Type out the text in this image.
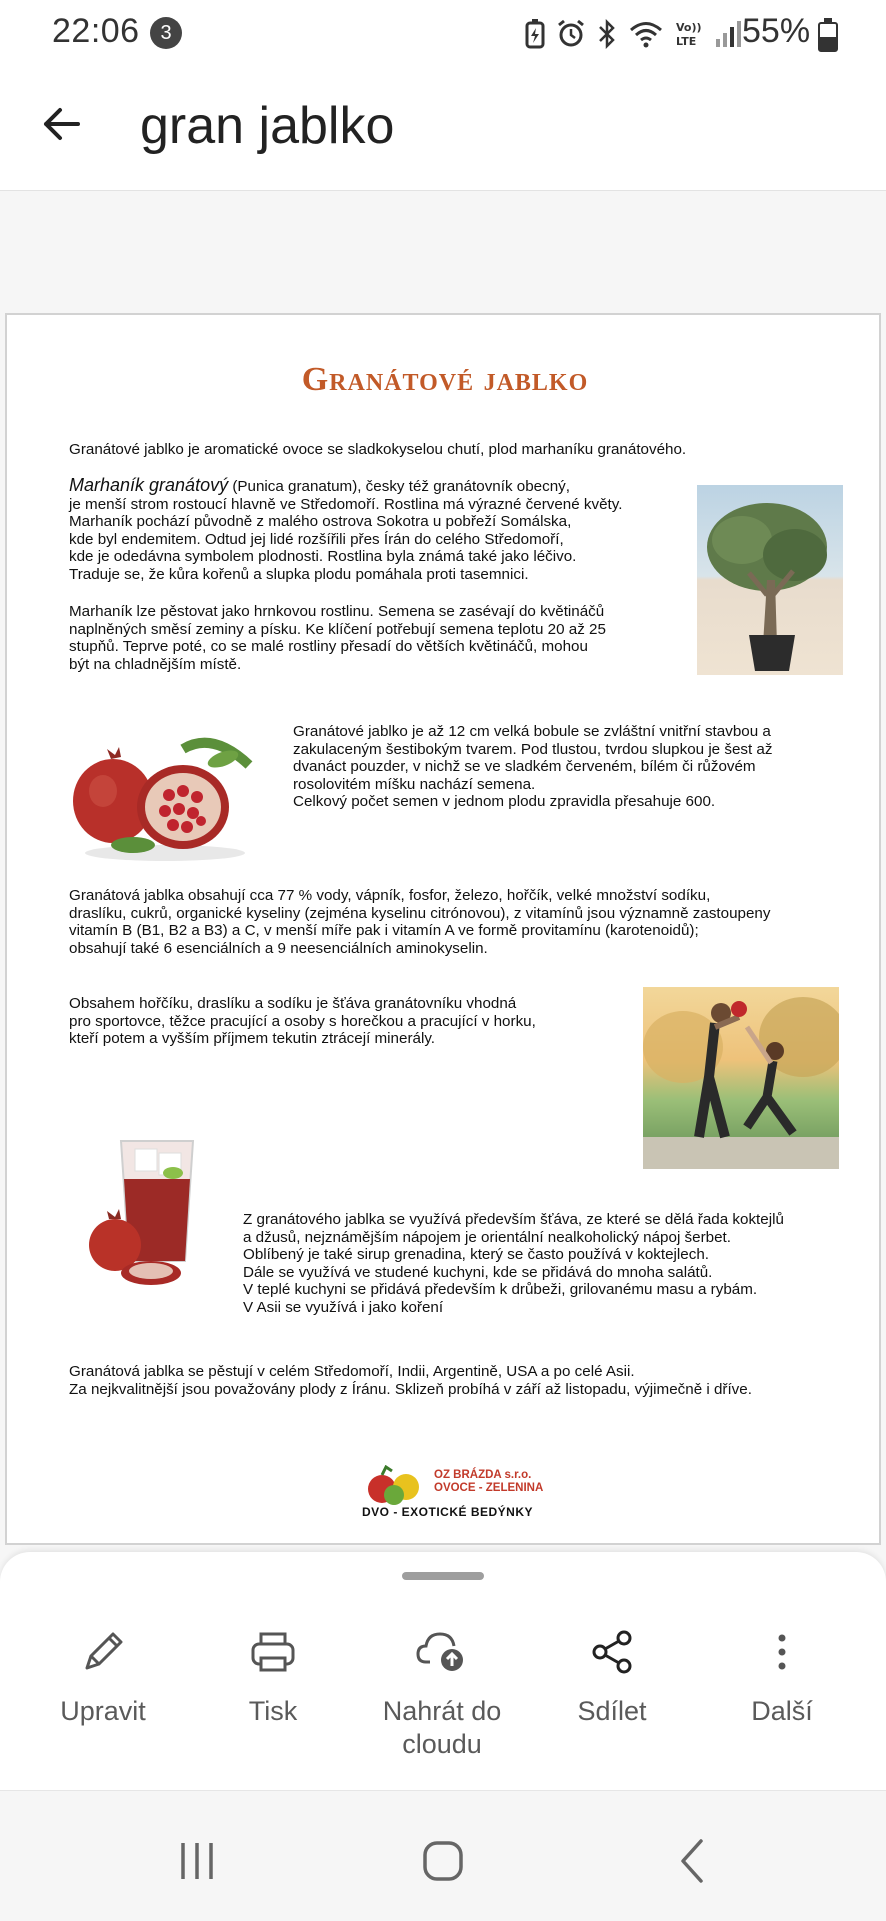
22:06	3	Vo))
LTE 55%
gran jablko
Granátové jablko
Granátové jablko je aromatické ovoce se sladkokyselou chutí, plod marhaníku granátového.
Marhaník granátový (Punica granatum), česky též granátovník obecný,
je menší strom rostoucí hlavně ve Středomoří. Rostlina má výrazné červené květy.
Marhaník pochází původně z malého ostrova Sokotra u pobřeží Somálska,
kde byl endemitem. Odtud jej lidé rozšířili přes Írán do celého Středomoří,
kde je odedávna symbolem plodnosti. Rostlina byla známá také jako léčivo.
Traduje se, že kůra kořenů a slupka plodu pomáhala proti tasemnici.
Marhaník lze pěstovat jako hrnkovou rostlinu. Semena se zasévají do květináčů
naplněných směsí zeminy a písku. Ke klíčení potřebují semena teplotu 20 až 25
stupňů. Teprve poté, co se malé rostliny přesadí do větších květináčů, mohou
být na chladnějším místě.
Granátové jablko je až 12 cm velká bobule se zvláštní vnitřní stavbou a
zakulaceným šestibokým tvarem. Pod tlustou, tvrdou slupkou je šest až
dvanáct pouzder, v nichž se ve sladkém červeném, bílém či růžovém
rosolovitém míšku nachází semena.
Celkový počet semen v jednom plodu zpravidla přesahuje 600.
Granátová jablka obsahují cca 77 % vody, vápník, fosfor, železo, hořčík, velké množství sodíku,
draslíku, cukrů, organické kyseliny (zejména kyselinu citrónovou), z vitamínů jsou významně zastoupeny
vitamín B (B1, B2 a B3) a C, v menší míře pak i vitamín A ve formě provitamínu (karotenoidů);
obsahují také 6 esenciálních a 9 neesenciálních aminokyselin.
Obsahem hořčíku, draslíku a sodíku je šťáva granátovníku vhodná
pro sportovce, těžce pracující a osoby s horečkou a pracující v horku,
kteří potem a vyšším příjmem tekutin ztrácejí minerály.
Z granátového jablka se využívá především šťáva, ze které se dělá řada koktejlů
a džusů, nejznámějším nápojem je orientální nealkoholický nápoj šerbet.
Oblíbený je také sirup grenadina, který se často používá v koktejlech.
Dále se využívá ve studené kuchyni, kde se přidává do mnoha salátů.
V teplé kuchyni se přidává především k drůbeži, grilovanému masu a rybám.
V Asii se využívá i jako koření
Granátová jablka se pěstují v celém Středomoří, Indii, Argentině, USA a po celé Asii.
Za nejkvalitnější jsou považovány plody z Íránu. Sklizeň probíhá v září až listopadu, výjimečně i dříve.
OZ BRÁZDA s.r.o.
OVOCE - ZELENINA
DVO - EXOTICKÉ BEDÝNKY
Upravit	Tisk	Nahrát do
cloudu
Sdílet	Další
